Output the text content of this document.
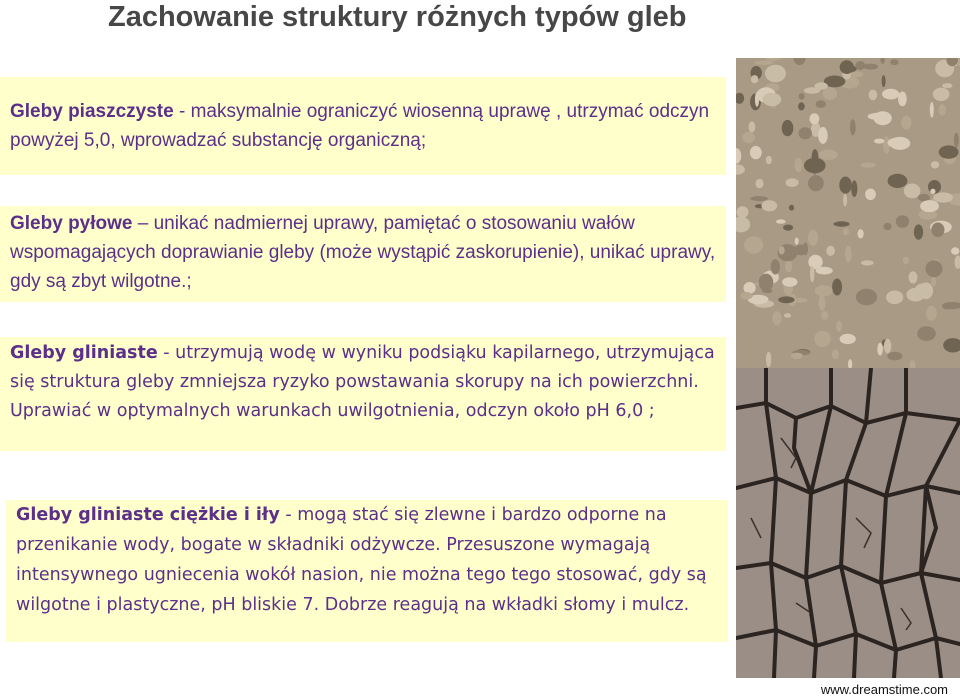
Zachowanie struktury różnych typów gleb
Gleby piaszczyste - maksymalnie ograniczyć wiosenną uprawę , utrzymać odczyn powyżej 5,0, wprowadzać substancję organiczną;
Gleby pyłowe – unikać nadmiernej uprawy, pamiętać o stosowaniu wałów wspomagających doprawianie gleby (może wystąpić zaskorupienie), unikać uprawy, gdy są zbyt wilgotne.;
Gleby gliniaste - utrzymują wodę w wyniku podsiąku kapilarnego, utrzymująca się struktura gleby zmniejsza ryzyko powstawania skorupy na ich powierzchni. Uprawiać w optymalnych warunkach uwilgotnienia, odczyn około pH 6,0 ;
Gleby gliniaste ciężkie i iły - mogą stać się zlewne i bardzo odporne na przenikanie wody, bogate w składniki odżywcze. Przesuszone wymagają intensywnego ugniecenia wokół nasion, nie można tego tego stosować, gdy są wilgotne i plastyczne, pH bliskie 7. Dobrze reagują na wkładki słomy i mulcz.
www.dreamstime.com
